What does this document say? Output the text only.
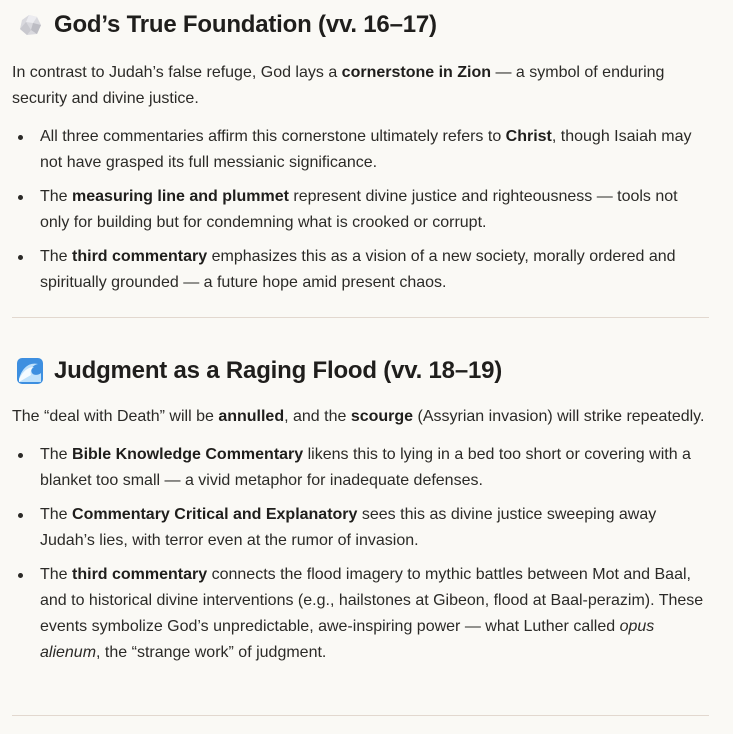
God’s True Foundation (vv. 16–17)

In contrast to Judah’s false refuge, God lays a cornerstone in Zion — a symbol of enduring security and divine justice.

All three commentaries affirm this cornerstone ultimately refers to Christ, though Isaiah may not have grasped its full messianic significance.
The measuring line and plummet represent divine justice and righteousness — tools not only for building but for condemning what is crooked or corrupt.
The third commentary emphasizes this as a vision of a new society, morally ordered and spiritually grounded — a future hope amid present chaos.
Judgment as a Raging Flood (vv. 18–19)

The “deal with Death” will be annulled, and the scourge (Assyrian invasion) will strike repeatedly.

The Bible Knowledge Commentary likens this to lying in a bed too short or covering with a blanket too small — a vivid metaphor for inadequate defenses.
The Commentary Critical and Explanatory sees this as divine justice sweeping away Judah’s lies, with terror even at the rumor of invasion.
The third commentary connects the flood imagery to mythic battles between Mot and Baal, and to historical divine interventions (e.g., hailstones at Gibeon, flood at Baal-perazim). These events symbolize God’s unpredictable, awe-inspiring power — what Luther called opus alienum, the “strange work” of judgment.
